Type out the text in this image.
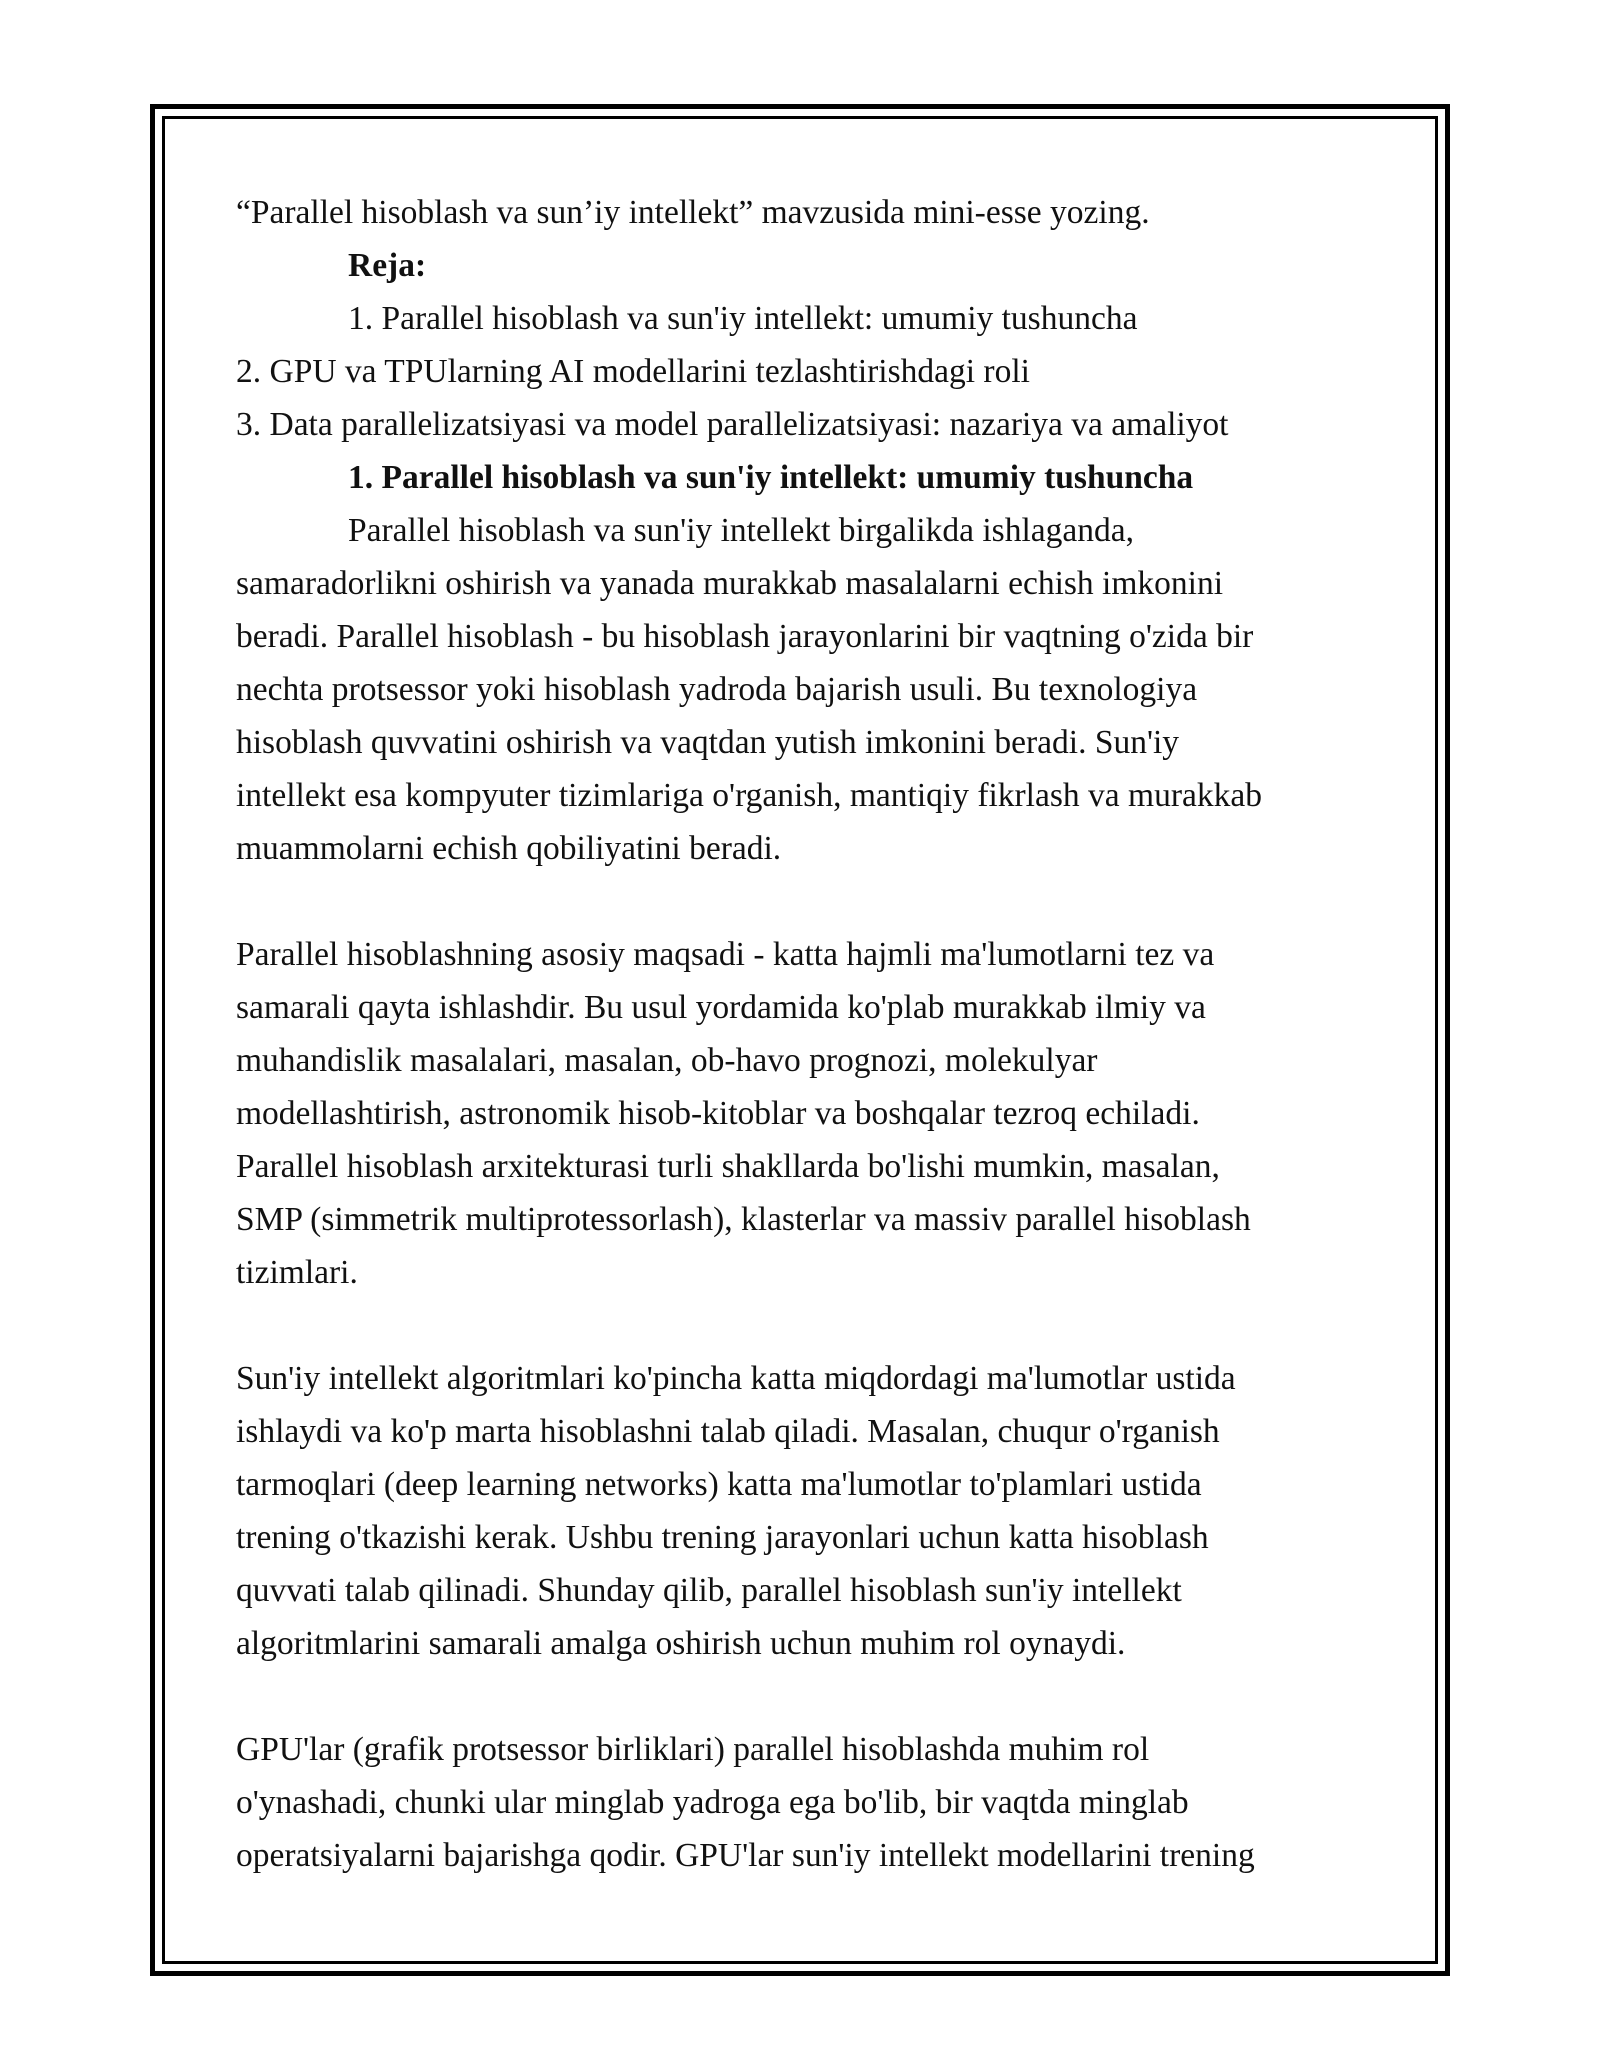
“Parallel hisoblash va sun’iy intellekt” mavzusida mini-esse yozing.
Reja:
1. Parallel hisoblash va sun'iy intellekt: umumiy tushuncha
2. GPU va TPUlarning AI modellarini tezlashtirishdagi roli
3. Data parallelizatsiyasi va model parallelizatsiyasi: nazariya va amaliyot
1. Parallel hisoblash va sun'iy intellekt: umumiy tushuncha
Parallel hisoblash va sun'iy intellekt birgalikda ishlaganda,
samaradorlikni oshirish va yanada murakkab masalalarni echish imkonini
beradi. Parallel hisoblash - bu hisoblash jarayonlarini bir vaqtning o'zida bir
nechta protsessor yoki hisoblash yadroda bajarish usuli. Bu texnologiya
hisoblash quvvatini oshirish va vaqtdan yutish imkonini beradi. Sun'iy
intellekt esa kompyuter tizimlariga o'rganish, mantiqiy fikrlash va murakkab
muammolarni echish qobiliyatini beradi.
Parallel hisoblashning asosiy maqsadi - katta hajmli ma'lumotlarni tez va
samarali qayta ishlashdir. Bu usul yordamida ko'plab murakkab ilmiy va
muhandislik masalalari, masalan, ob-havo prognozi, molekulyar
modellashtirish, astronomik hisob-kitoblar va boshqalar tezroq echiladi.
Parallel hisoblash arxitekturasi turli shakllarda bo'lishi mumkin, masalan,
SMP (simmetrik multiprotessorlash), klasterlar va massiv parallel hisoblash
tizimlari.
Sun'iy intellekt algoritmlari ko'pincha katta miqdordagi ma'lumotlar ustida
ishlaydi va ko'p marta hisoblashni talab qiladi. Masalan, chuqur o'rganish
tarmoqlari (deep learning networks) katta ma'lumotlar to'plamlari ustida
trening o'tkazishi kerak. Ushbu trening jarayonlari uchun katta hisoblash
quvvati talab qilinadi. Shunday qilib, parallel hisoblash sun'iy intellekt
algoritmlarini samarali amalga oshirish uchun muhim rol oynaydi.
GPU'lar (grafik protsessor birliklari) parallel hisoblashda muhim rol
o'ynashadi, chunki ular minglab yadroga ega bo'lib, bir vaqtda minglab
operatsiyalarni bajarishga qodir. GPU'lar sun'iy intellekt modellarini trening
